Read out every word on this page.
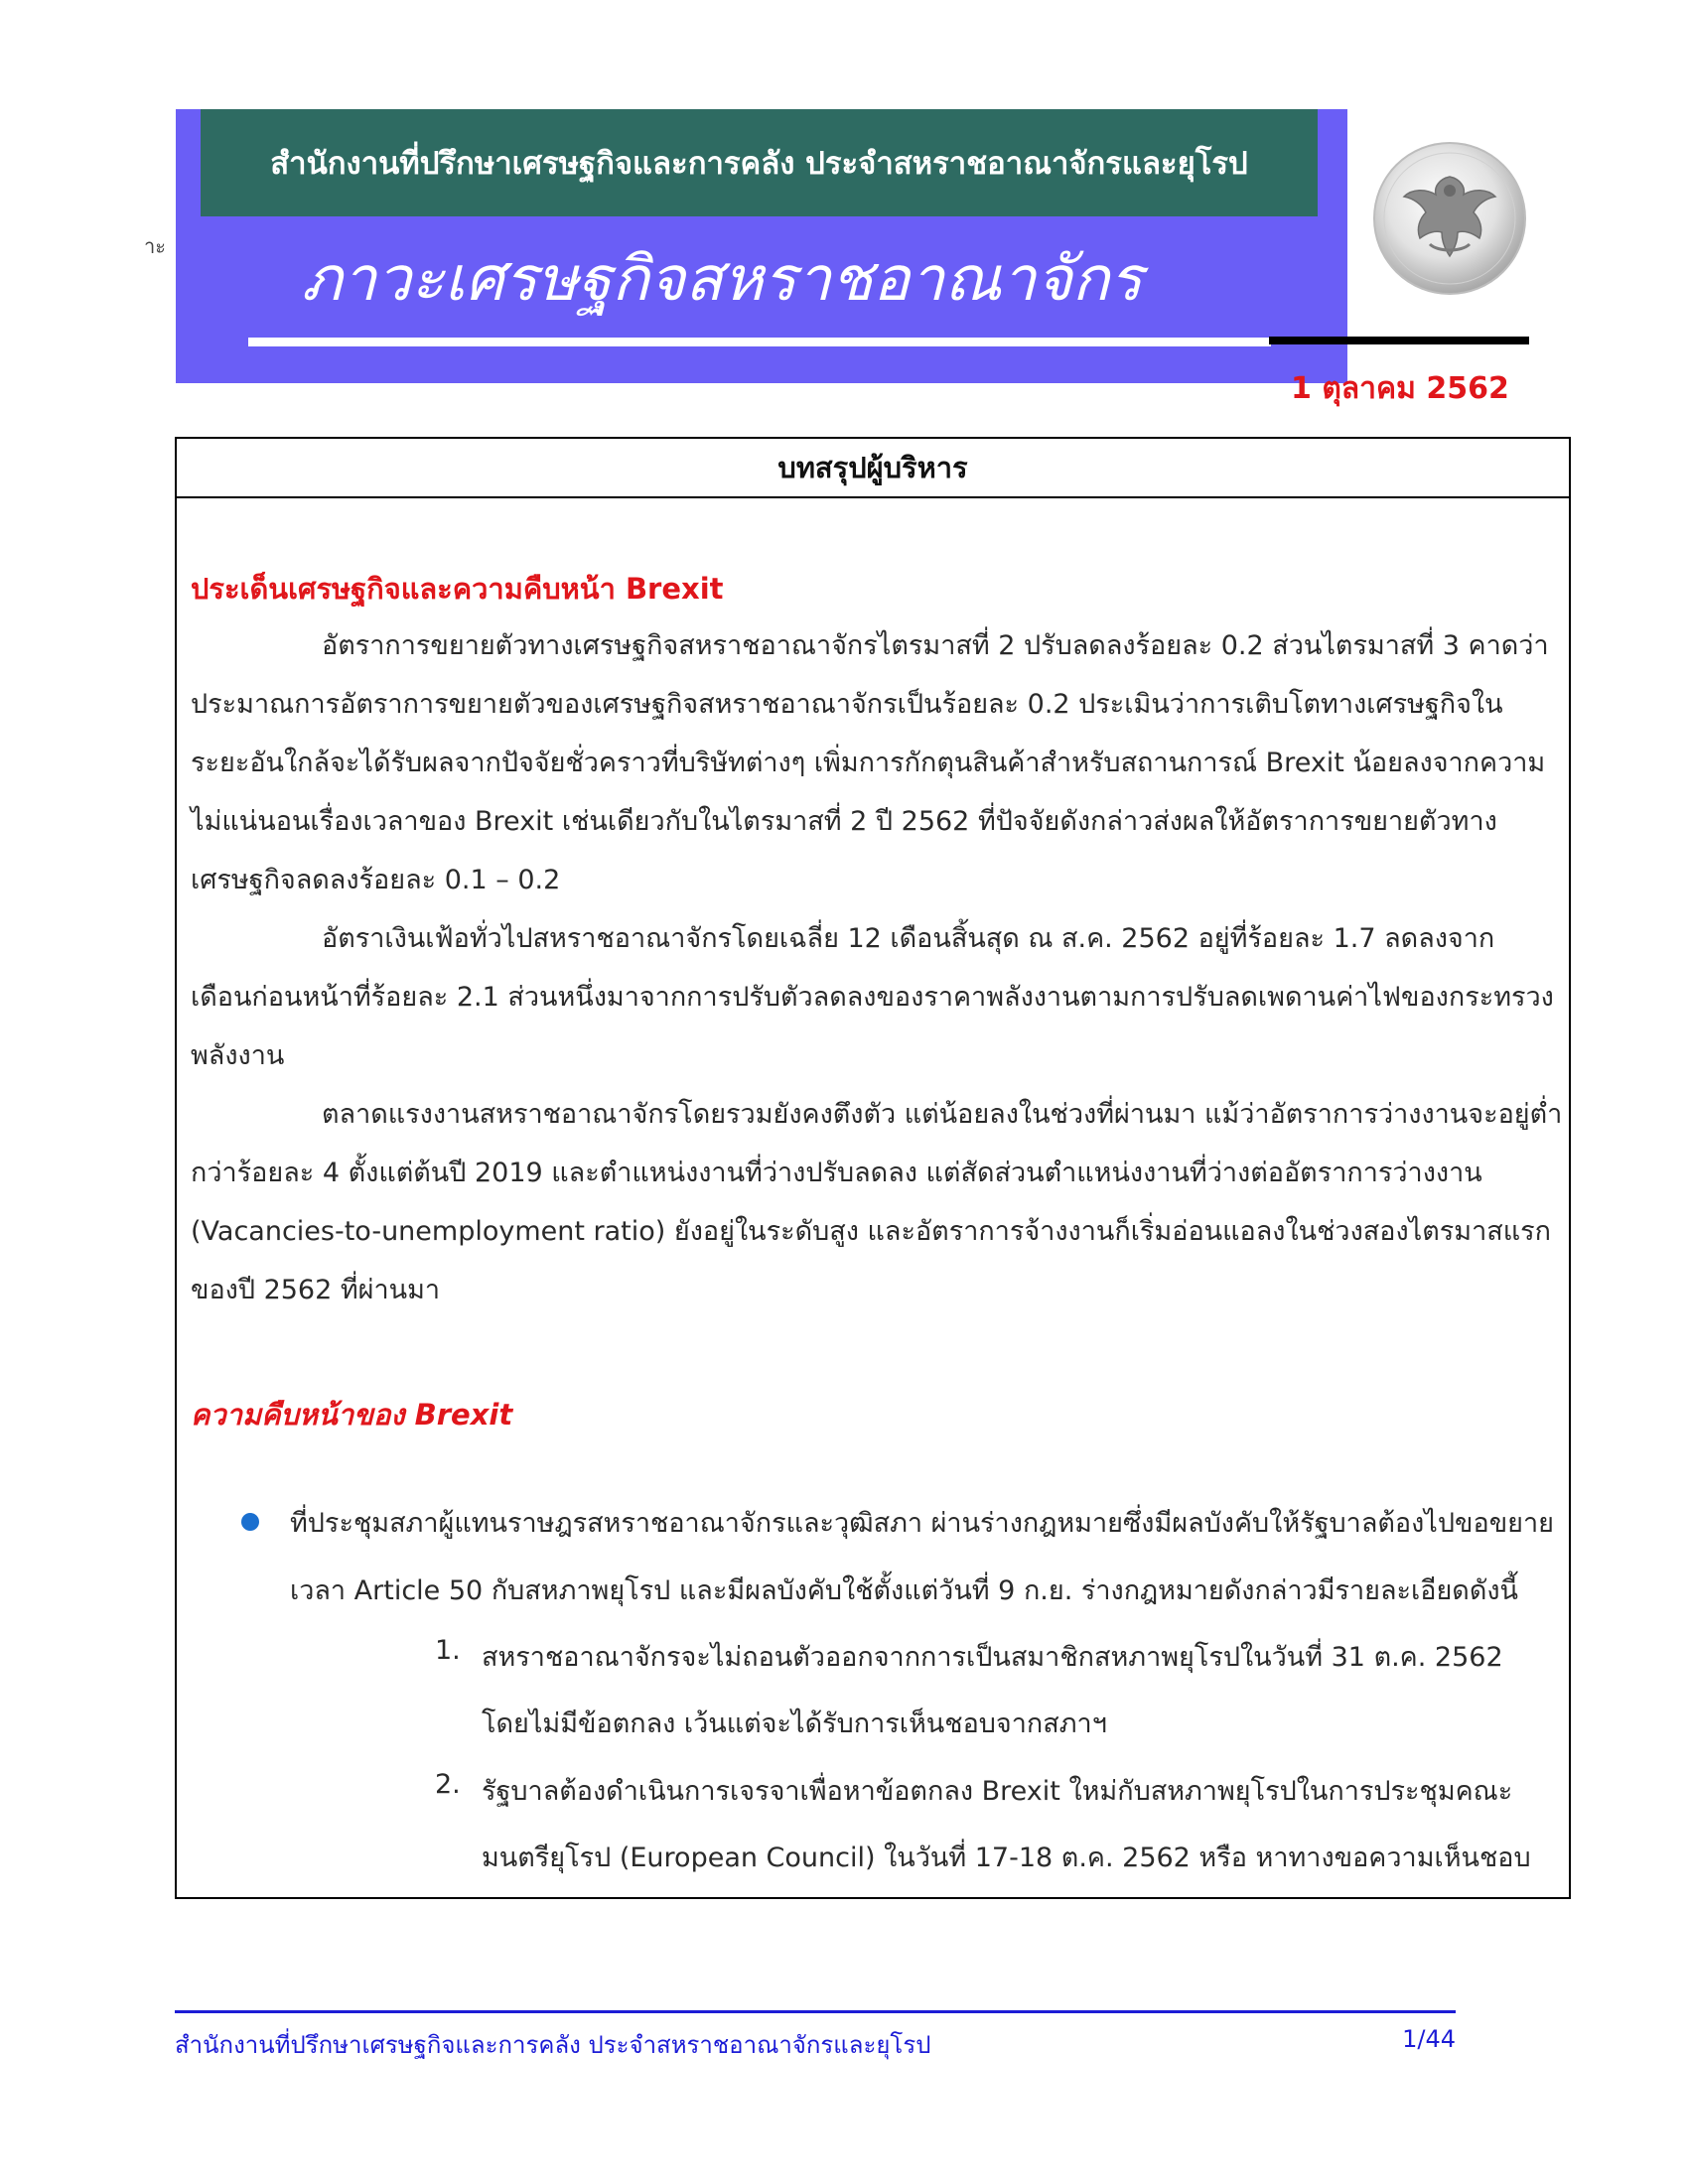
าะ
สำนักงานที่ปรึกษาเศรษฐกิจและการคลัง ประจำสหราชอาณาจักรและยุโรป
ภาวะเศรษฐกิจสหราชอาณาจักร
1 ตุลาคม 2562
บทสรุปผู้บริหาร
ประเด็นเศรษฐกิจและความคืบหน้า Brexit
อัตราการขยายตัวทางเศรษฐกิจสหราชอาณาจักรไตรมาสที่ 2 ปรับลดลงร้อยละ 0.2 ส่วนไตรมาสที่ 3 คาดว่า
ประมาณการอัตราการขยายตัวของเศรษฐกิจสหราชอาณาจักรเป็นร้อยละ 0.2 ประเมินว่าการเติบโตทางเศรษฐกิจใน
ระยะอันใกล้จะได้รับผลจากปัจจัยชั่วคราวที่บริษัทต่างๆ เพิ่มการกักตุนสินค้าสำหรับสถานการณ์ Brexit น้อยลงจากความ
ไม่แน่นอนเรื่องเวลาของ Brexit เช่นเดียวกับในไตรมาสที่ 2 ปี 2562 ที่ปัจจัยดังกล่าวส่งผลให้อัตราการขยายตัวทาง
เศรษฐกิจลดลงร้อยละ 0.1 – 0.2
อัตราเงินเฟ้อทั่วไปสหราชอาณาจักรโดยเฉลี่ย 12 เดือนสิ้นสุด ณ ส.ค. 2562 อยู่ที่ร้อยละ 1.7 ลดลงจาก
เดือนก่อนหน้าที่ร้อยละ 2.1 ส่วนหนึ่งมาจากการปรับตัวลดลงของราคาพลังงานตามการปรับลดเพดานค่าไฟของกระทรวง
พลังงาน
ตลาดแรงงานสหราชอาณาจักรโดยรวมยังคงตึงตัว แต่น้อยลงในช่วงที่ผ่านมา แม้ว่าอัตราการว่างงานจะอยู่ต่ำ
กว่าร้อยละ 4 ตั้งแต่ต้นปี 2019 และตำแหน่งงานที่ว่างปรับลดลง แต่สัดส่วนตำแหน่งงานที่ว่างต่ออัตราการว่างงาน
(Vacancies-to-unemployment ratio) ยังอยู่ในระดับสูง และอัตราการจ้างงานก็เริ่มอ่อนแอลงในช่วงสองไตรมาสแรก
ของปี 2562 ที่ผ่านมา
ความคืบหน้าของ Brexit
ที่ประชุมสภาผู้แทนราษฎรสหราชอาณาจักรและวุฒิสภา ผ่านร่างกฎหมายซึ่งมีผลบังคับให้รัฐบาลต้องไปขอขยาย
เวลา Article 50 กับสหภาพยุโรป และมีผลบังคับใช้ตั้งแต่วันที่ 9 ก.ย. ร่างกฎหมายดังกล่าวมีรายละเอียดดังนี้
1. สหราชอาณาจักรจะไม่ถอนตัวออกจากการเป็นสมาชิกสหภาพยุโรปในวันที่ 31 ต.ค. 2562
โดยไม่มีข้อตกลง เว้นแต่จะได้รับการเห็นชอบจากสภาฯ
2. รัฐบาลต้องดำเนินการเจรจาเพื่อหาข้อตกลง Brexit ใหม่กับสหภาพยุโรปในการประชุมคณะ
มนตรียุโรป (European Council) ในวันที่ 17-18 ต.ค. 2562 หรือ หาทางขอความเห็นชอบ
สำนักงานที่ปรึกษาเศรษฐกิจและการคลัง ประจำสหราชอาณาจักรและยุโรป	1/44
